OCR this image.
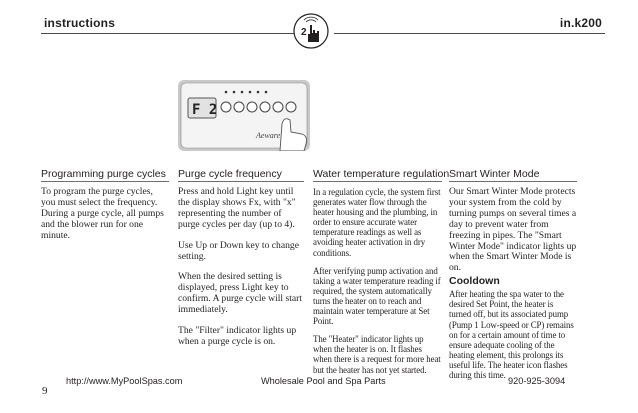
instructions	in.k200
2
F 2
Aeware
Programming purge cycles Purge cycle frequency	Water temperature regulation Smart Winter Mode

To program the purge cycles, you must select the frequency. During a purge cycle, all pumps and the blower run for one minute.

Press and hold Light key until the display shows Fx, with "x" representing the number of purge cycles per day (up to 4).

Use Up or Down key to change setting.

When the desired setting is displayed, press Light key to confirm. A purge cycle will start immediately.

The "Filter" indicator lights up when a purge cycle is on.

In a regulation cycle, the system first generates water flow through the heater housing and the plumbing, in order to ensure accurate water temperature readings as well as avoiding heater activation in dry conditions.

After verifying pump activation and taking a water temperature reading if required, the system automatically turns the heater on to reach and maintain water temperature at Set Point.

The "Heater" indicator lights up when the heater is on. It flashes when there is a request for more heat but the heater has not yet started.

Our Smart Winter Mode protects your system from the cold by turning pumps on several times a day to prevent water from freezing in pipes. The "Smart Winter Mode" indicator lights up when the Smart Winter Mode is on.

Cooldown

After heating the spa water to the desired Set Point, the heater is turned off, but its associated pump (Pump 1 Low-speed or CP) remains on for a certain amount of time to ensure adequate cooling of the heating element, this prolongs its useful life. The heater icon flashes during this time.

http://www.MyPoolSpas.com	Wholesale Pool and Spa Parts	920-925-3094
9
